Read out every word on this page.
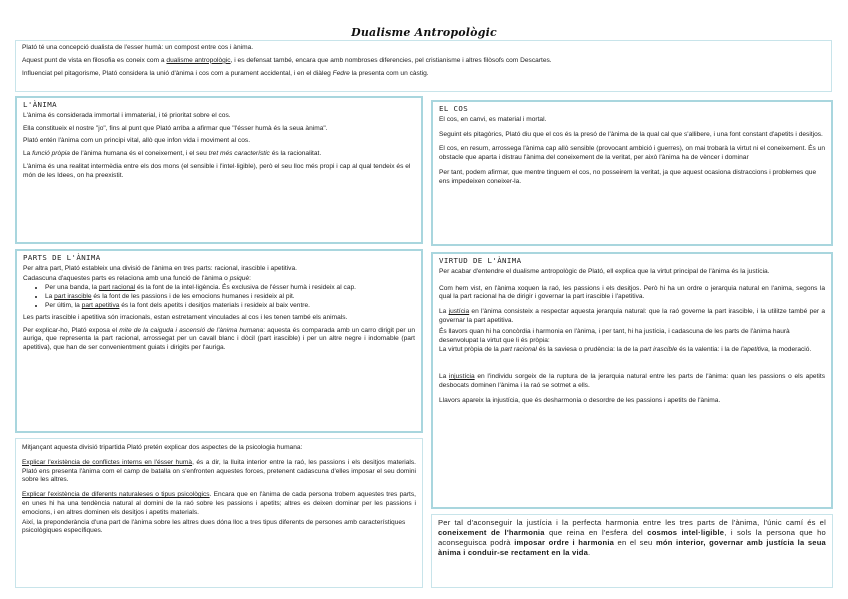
Dualisme Antropològic

Plató té una concepció dualista de l'esser humà: un compost entre cos i ànima.

Aquest punt de vista en filosofia es coneix com a dualisme antropològic, i es defensat també, encara que amb nombroses diferencies, pel cristianisme i altres filòsofs com Descartes.

Influenciat pel pitagorisme, Plató considera la unió d'ànima i cos com a purament accidental, i en el diàleg Fedre la presenta com un càstig.

L'ÀNIMA

L'ànima és considerada immortal i immaterial, i té prioritat sobre el cos.

Ella constitueix el nostre "jo", fins al punt que Plató arriba a afirmar que "l'ésser humà és la seua ànima".

Plató entén l'ànima com un principi vital, allò que infon vida i moviment al cos.

La funció pròpia de l'ànima humana és el coneixement, i el seu tret més característic és la racionalitat.

L'ànima és una realitat intermèdia entre els dos mons (el sensible i l'intel·ligible), però el seu lloc més propi i cap al qual tendeix és el món de les Idees, on ha preexistit.

PARTS DE L'ÀNIMA

Per altra part, Plató estableix una divisió de l'ànima en tres parts: racional, irascible i apetitiva.

Cadascuna d'aquestes parts es relaciona amb una funció de l'ànima o psiquè:

• Per una banda, la part racional és la font de la intel·ligència. És exclusiva de l'ésser humà i resideix al cap.
• La part irascible és la font de les passions i de les emocions humanes i resideix al pit.
• Per últim, la part apetitiva és la font dels apetits i desitjos materials i resideix al baix ventre.

Les parts irascible i apetitiva són irracionals, estan estretament vinculades al cos i les tenen també els animals.

Per explicar-ho, Plató exposa el mite de la caiguda i ascensió de l'ànima humana: aquesta és comparada amb un carro dirigit per un auriga, que representa la part racional, arrossegat per un cavall blanc i dòcil (part irascible) i per un altre negre i indomable (part apetitiva), que han de ser convenientment guiats i dirigits per l'auriga.

Mitjançant aquesta divisió tripartida Plató pretén explicar dos aspectes de la psicologia humana:

Explicar l'existència de conflictes interns en l'ésser humà, és a dir, la lluita interior entre la raó, les passions i els desitjos materials. Plató ens presenta l'ànima com el camp de batalla on s'enfronten aquestes forces, pretenent cadascuna d'elles imposar el seu domini sobre les altres.

Explicar l'existència de diferents naturaleses o tipus psicològics. Encara que en l'ànima de cada persona trobem aquestes tres parts, en unes hi ha una tendència natural al domini de la raó sobre les passions i apetits; altres es deixen dominar per les passions i emocions, i en altres dominen els desitjos i apetits materials.

Així, la preponderància d'una part de l'ànima sobre les altres dues dóna lloc a tres tipus diferents de persones amb característiques psicològiques específiques.

EL COS

El cos, en canvi, es material i mortal.

Seguint els pitagòrics, Plató diu que el cos és la presó de l'ànima de la qual cal que s'allibere, i una font constant d'apetits i desitjos.

El cos, en resum, arrossega l'ànima cap allò sensible (provocant ambició i guerres), on mai trobarà la virtut ni el coneixement. És un obstacle que aparta i distrau l'ànima del coneixement de la veritat, per això l'ànima ha de vèncer i dominar

Per tant, podem afirmar, que mentre tinguem el cos, no posseirem la veritat, ja que aquest ocasiona distraccions i problemes que ens impedeixen coneixer-la.

VIRTUD DE L'ÀNIMA

Per acabar d'entendre el dualisme antropològic de Plató, ell explica que la virtut principal de l'ànima és la justícia.

Com hem vist, en l'ànima xoquen la raó, les passions i els desitjos. Però hi ha un ordre o jerarquia natural en l'anima, segons la qual la part racional ha de dirigir i governar la part irascible i l'apetitiva.

La justícia en l'ànima consisteix a respectar aquesta jerarquia natural: que la raó governe la part irascible, i la utilitze també per a governar la part apetitiva.

És llavors quan hi ha concòrdia i harmonia en l'ànima, i per tant, hi ha justícia, i cadascuna de les parts de l'ànima haurà desenvolupat la virtut que li és pròpia:

La virtut pròpia de la part racional és la saviesa o prudència: la de la part irascible és la valentia: i la de l'apetitiva, la moderació.

La injustícia en l'individu sorgeix de la ruptura de la jerarquia natural entre les parts de l'ànima: quan les passions o els apetits desbocats dominen l'ànima i la raó se sotmet a ells.

Llavors apareix la injustícia, que és desharmonia o desordre de les passions i apetits de l'ànima.

Per tal d'aconseguir la justícia i la perfecta harmonia entre les tres parts de l'ànima, l'únic camí és el coneixement de l'harmonia que reina en l'esfera del cosmos intel·ligible, i sols la persona que ho aconseguisca podrà imposar ordre i harmonia en el seu món interior, governar amb justícia la seua ànima i conduir-se rectament en la vida.
